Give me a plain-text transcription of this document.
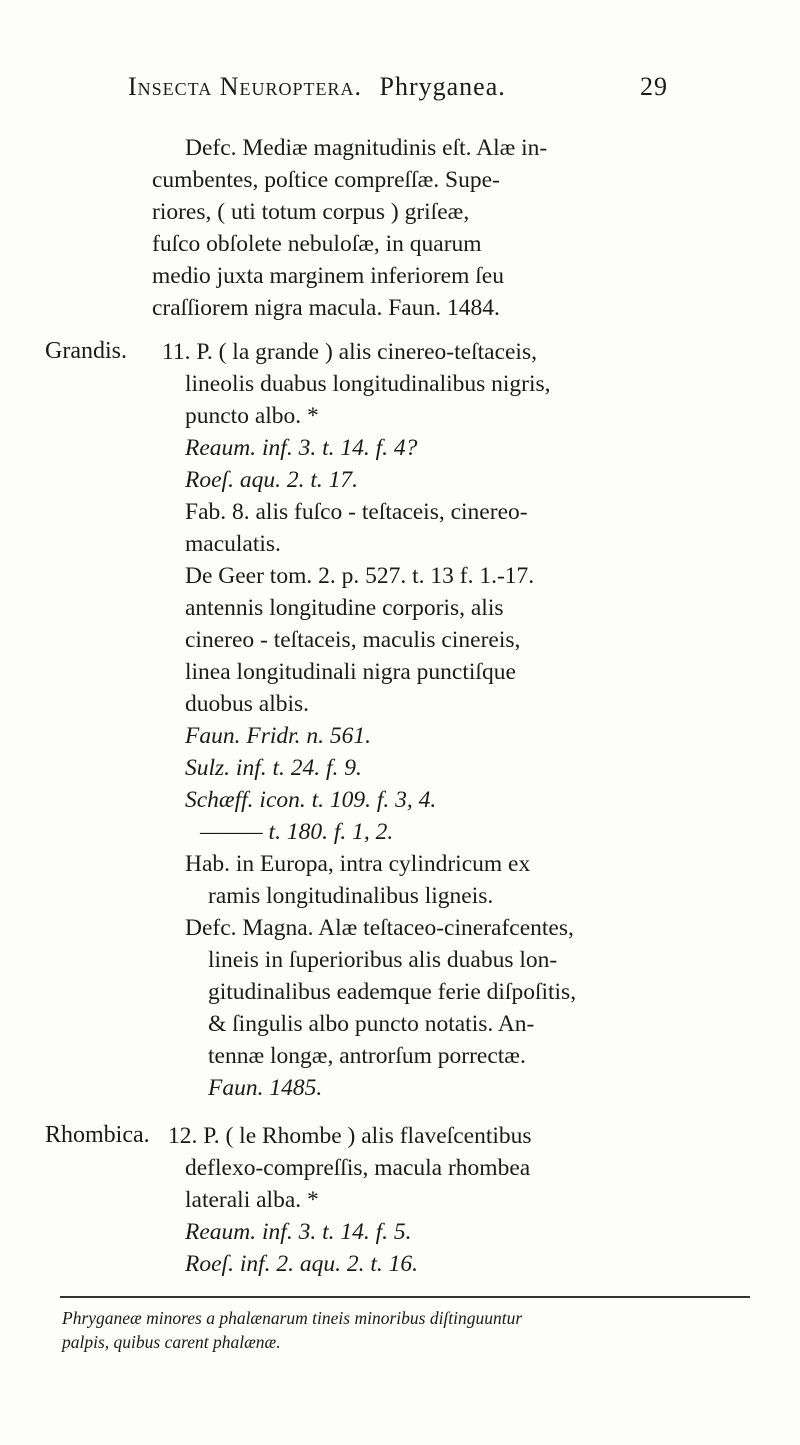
Insecta Neuroptera. Phryganea.	29
Defc. Mediæ magnitudinis eſt. Alæ in-
cumbentes, poſtice compreſſæ. Supe-
riores, ( uti totum corpus ) griſeæ,
fuſco obſolete nebuloſæ, in quarum
medio juxta marginem inferiorem ſeu
craſſiorem nigra macula. Faun. 1484.
Grandis. 11. P. ( la grande ) alis cinereo-teſtaceis,
lineolis duabus longitudinalibus nigris,
puncto albo. *
Reaum. inf. 3. t. 14. f. 4?
Roeſ. aqu. 2. t. 17.
Fab. 8. alis fuſco - teſtaceis, cinereo-
maculatis.
De Geer tom. 2. p. 527. t. 13 f. 1.-17.
antennis longitudine corporis, alis
cinereo - teſtaceis, maculis cinereis,
linea longitudinali nigra punctiſque
duobus albis.
Faun. Fridr. n. 561.
Sulz. inf. t. 24. f. 9.
Schæff. icon. t. 109. f. 3, 4.
——— t. 180. f. 1, 2.
Hab. in Europa, intra cylindricum ex
ramis longitudinalibus ligneis.
Defc. Magna. Alæ teſtaceo-cinerafcentes,
lineis in ſuperioribus alis duabus lon-
gitudinalibus eademque ferie diſpoſitis,
& ſingulis albo puncto notatis. An-
tennæ longæ, antrorſum porrectæ.
Faun. 1485.
Rhombica. 12. P. ( le Rhombe ) alis flaveſcentibus
deflexo-compreſſis, macula rhombea
laterali alba. *
Reaum. inf. 3. t. 14. f. 5.
Roeſ. inf. 2. aqu. 2. t. 16.
Phryganeæ minores a phalænarum tineis minoribus diſtinguuntur
palpis, quibus carent phalænæ.
